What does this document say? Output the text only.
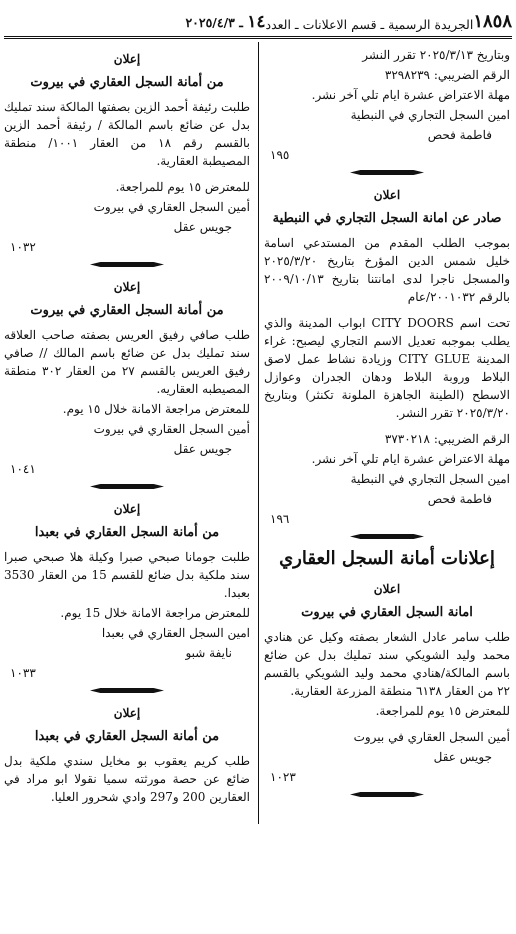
١٨٥٨
الجريدة الرسمية ـ قسم الاعلانات ـ العدد
١٤ ـ ٢٠٢٥/٤/٣

وبتاريخ ٢٠٢٥/٣/١٣ تقرر النشر

الرقم الضريبي: ٣٢٩٨٢٣٩

مهلة الاعتراض عشرة ايام تلي آخر نشر.

امين السجل التجاري في النبطية

فاطمة فحص

١٩٥

اعلان
صادر عن امانة السجل التجاري في النبطية

بموجب الطلب المقدم من المستدعي اسامة خليل شمس الدين المؤرخ بتاريخ ٢٠٢٥/٣/٢٠ والمسجل ناجرا لدى امانتنا بتاريخ ٢٠٠٩/١٠/١٣ بالرقم ٢٠٠١٠٣٢/عام

تحت اسم CITY DOORS ابواب المدينة والذي يطلب بموجبه تعديل الاسم التجاري ليصبح: غراء المدينة CITY GLUE وزيادة نشاط عمل لاصق البلاط وروبة البلاط ودهان الجدران وعوازل الاسطح (الطينة الجاهزة الملونة تكنثر) وبتاريخ ٢٠٢٥/٣/٢٠ تقرر النشر.

الرقم الضريبي: ٣٧٣٠٢١٨

مهلة الاعتراض عشرة ايام تلي آخر نشر.

امين السجل التجاري في النبطية

فاطمة فحص

١٩٦

إعلانات أمانة السجل العقاري
اعلان
امانة السجل العقاري في بيروت

طلب سامر عادل الشعار بصفته وكيل عن هنادي محمد وليد الشويكي سند تمليك بدل عن ضائع باسم المالكة/هنادي محمد وليد الشويكي بالقسم ٢٢ من العقار ٦١٣٨ منطقة المزرعة العقارية.

للمعترض ١٥ يوم للمراجعة.

أمين السجل العقاري في بيروت

جويس عقل

١٠٢٣

إعلان
من أمانة السجل العقاري في بيروت

طلبت رئيفة أحمد الزين بصفتها المالكة سند تمليك بدل عن ضائع باسم المالكة / رئيفة أحمد الزين بالقسم رقم ١٨ من العقار ١٠٠١/ منطقة المصيطبة العقارية.

للمعترض ١٥ يوم للمراجعة.

أمين السجل العقاري في بيروت

جويس عقل

١٠٣٢

إعلان
من أمانة السجل العقاري في بيروت

طلب صافي رفيق العريس بصفته صاحب العلاقه سند تمليك بدل عن ضائع باسم المالك // صافي رفيق العريس بالقسم ٢٧ من العقار ٣٠٢ منطقة المصيطبه العقاريه.

للمعترض مراجعة الامانة خلال ١٥ يوم.

أمين السجل العقاري في بيروت

جويس عقل

١٠٤١

إعلان
من أمانة السجل العقاري في بعبدا

طلبت جومانا صبحي صبرا وكيلة هلا صبحي صبرا سند ملكية بدل ضائع للقسم 15 من العقار 3530 بعبدا.

للمعترض مراجعة الامانة خلال 15 يوم.

امين السجل العقاري في بعبدا

نايفة شبو

١٠٣٣

إعلان
من أمانة السجل العقاري في بعبدا

طلب كريم يعقوب بو مخايل سندي ملكية بدل ضائع عن حصة مورثته سميا نقولا ابو مراد في العقارين 200 و297 وادي شحرور العليا.
